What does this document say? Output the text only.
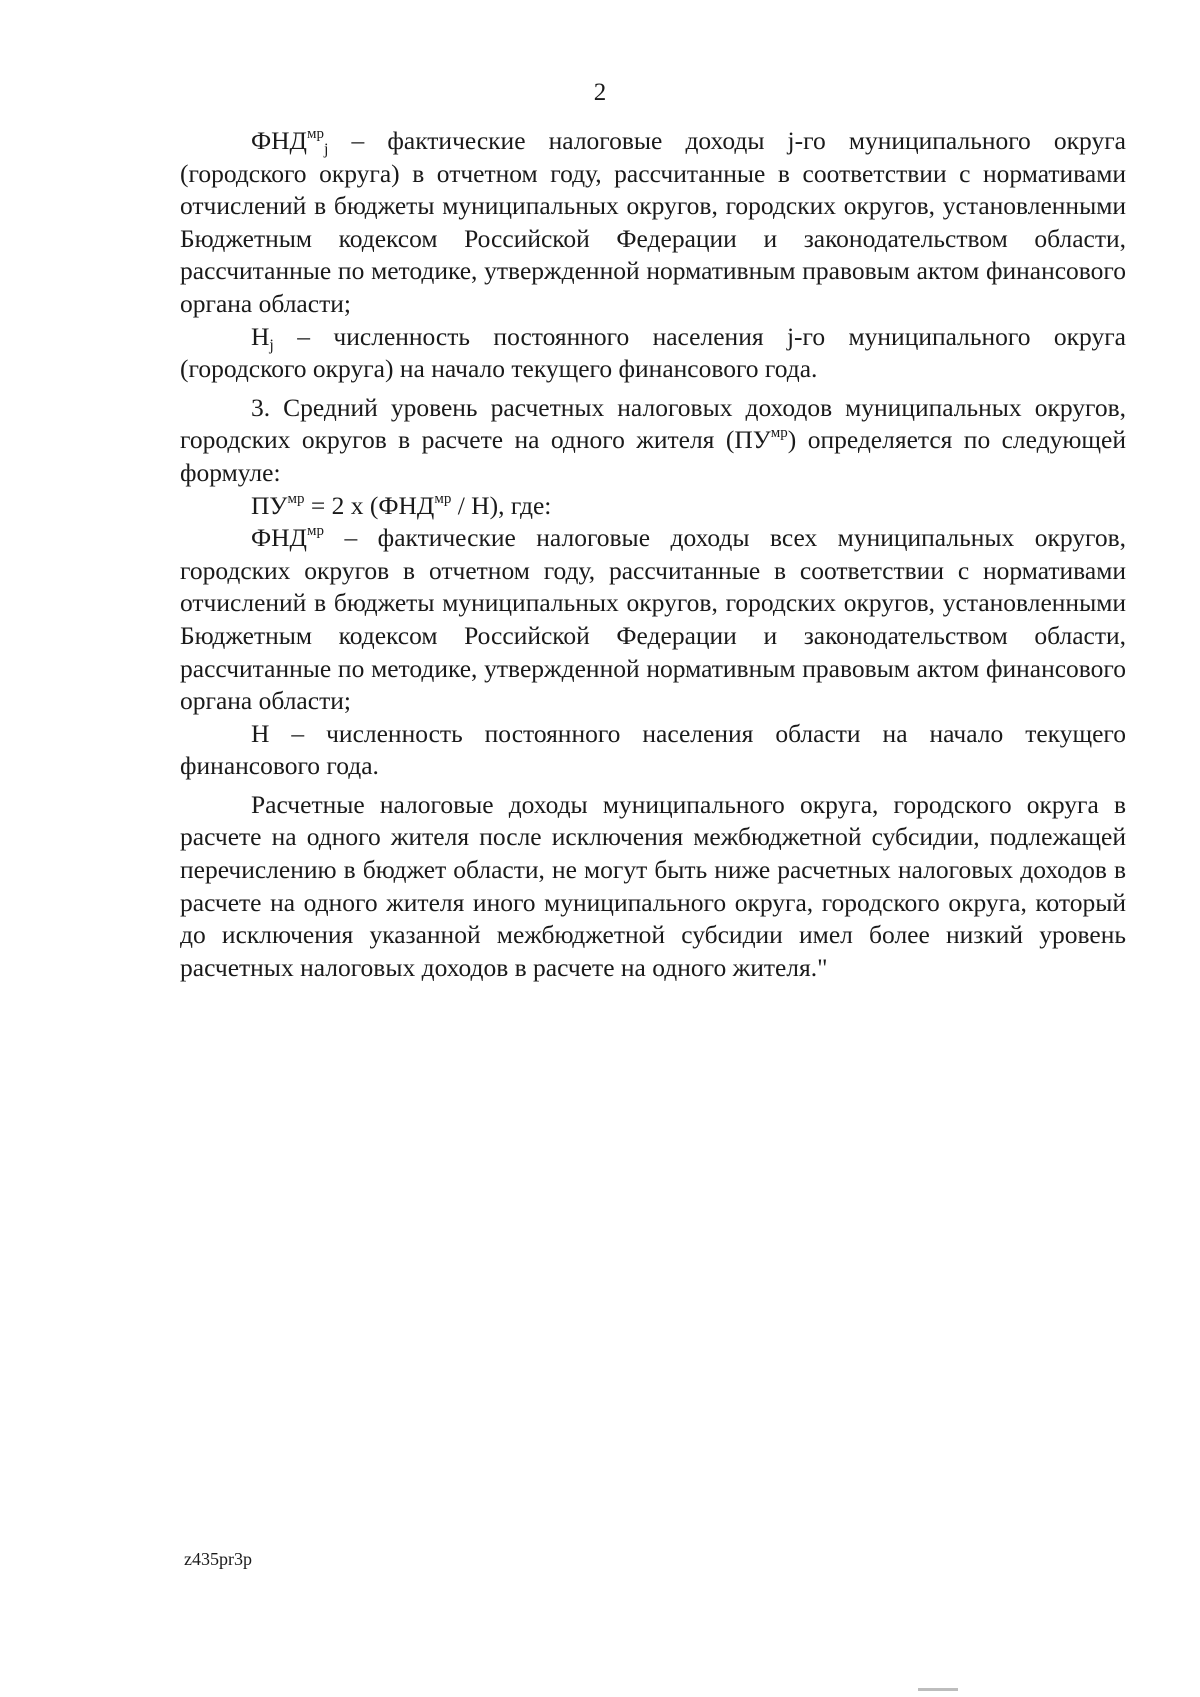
2

$ФНД^{мр}_j$ – фактические налоговые доходы j-го муниципального округа (городского округа) в отчетном году, рассчитанные в соответствии с нормативами отчислений в бюджеты муниципальных округов, городских округов, установленными Бюджетным кодексом Российской Федерации и законодательством области, рассчитанные по методике, утвержденной нормативным правовым актом финансового органа области;

$Н_j$ – численность постоянного населения j-го муниципального округа (городского округа) на начало текущего финансового года.

3. Средний уровень расчетных налоговых доходов муниципальных округов, городских округов в расчете на одного жителя $(ПУ^{мр})$ определяется по следующей формуле:

$ПУ^{мр} = 2$ х $(ФНД^{мр} / Н)$, где:

$ФНД^{мр}$ – фактические налоговые доходы всех муниципальных округов, городских округов в отчетном году, рассчитанные в соответствии с нормативами отчислений в бюджеты муниципальных округов, городских округов, установленными Бюджетным кодексом Российской Федерации и законодательством области, рассчитанные по методике, утвержденной нормативным правовым актом финансового органа области;

Н – численность постоянного населения области на начало текущего финансового года.

Расчетные налоговые доходы муниципального округа, городского округа в расчете на одного жителя после исключения межбюджетной субсидии, подлежащей перечислению в бюджет области, не могут быть ниже расчетных налоговых доходов в расчете на одного жителя иного муниципального округа, городского округа, который до исключения указанной межбюджетной субсидии имел более низкий уровень расчетных налоговых доходов в расчете на одного жителя."

z435pr3p
